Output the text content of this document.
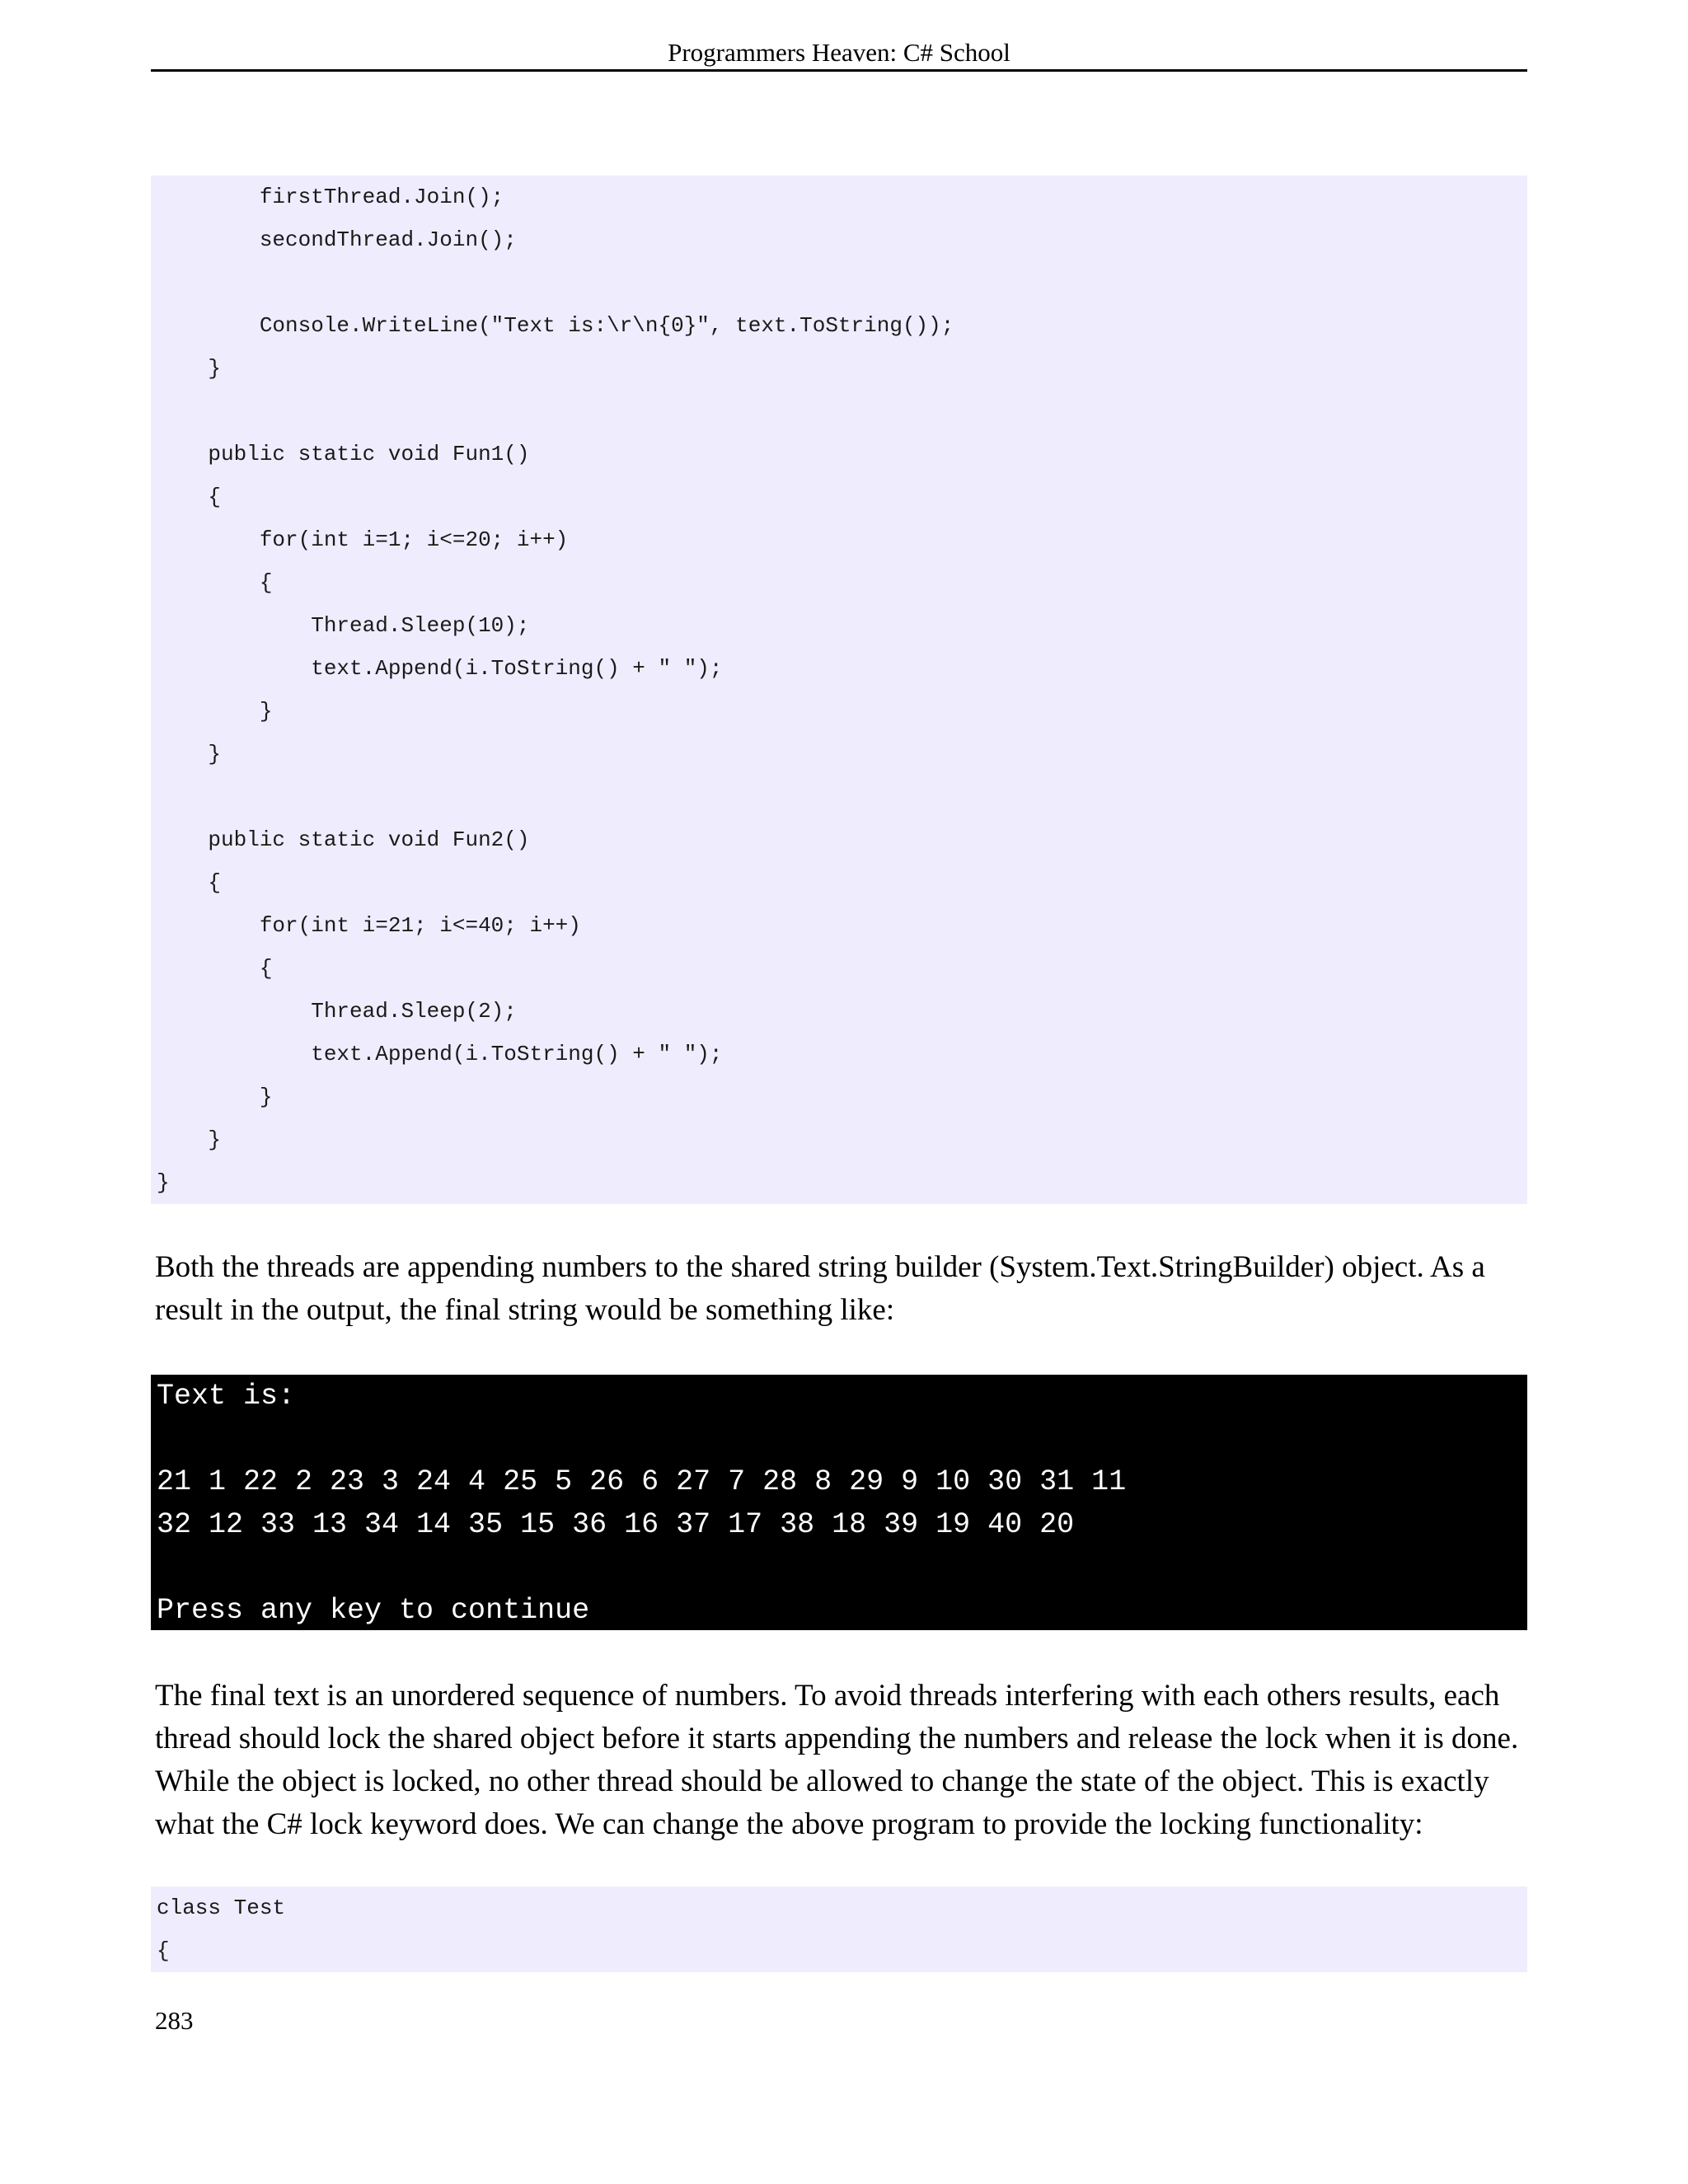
Programmers Heaven: C# School
firstThread.Join();
secondThread.Join();
Console.WriteLine("Text is:\r\n{0}", text.ToString());
}
public static void Fun1()
{
for(int i=1; i<=20; i++)
{
Thread.Sleep(10);
text.Append(i.ToString() + " ");
}
}
public static void Fun2()
{
for(int i=21; i<=40; i++)
{
Thread.Sleep(2);
text.Append(i.ToString() + " ");
}
}
}

Both the threads are appending numbers to the shared string builder (System.Text.StringBuilder) object. As a result in the output, the final string would be something like:

Text is:
21 1 22 2 23 3 24 4 25 5 26 6 27 7 28 8 29 9 10 30 31 11
32 12 33 13 34 14 35 15 36 16 37 17 38 18 39 19 40 20
Press any key to continue

The final text is an unordered sequence of numbers. To avoid threads interfering with each others results, each thread should lock the shared object before it starts appending the numbers and release the lock when it is done. While the object is locked, no other thread should be allowed to change the state of the object. This is exactly what the C# lock keyword does. We can change the above program to provide the locking functionality:

class Test
{
283
